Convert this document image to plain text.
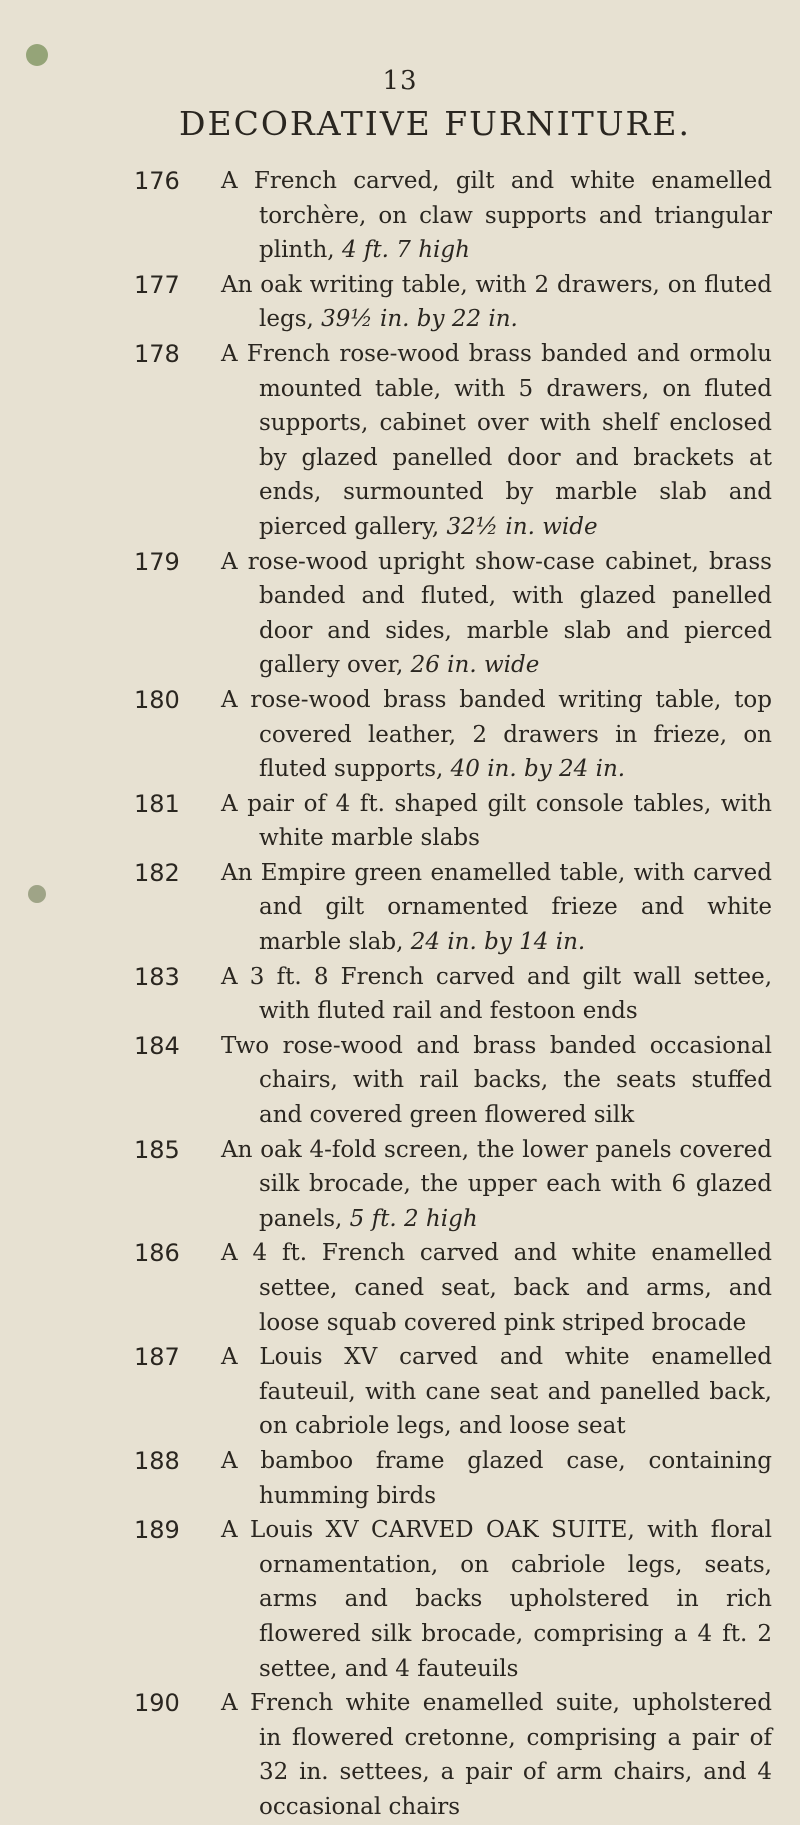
13
DECORATIVE FURNITURE.
176 A French carved, gilt and white enamelled torchère, on claw supports and triangular plinth, 4 ft. 7 high
177 An oak writing table, with 2 drawers, on fluted legs, 39½ in. by 22 in.
178 A French rose-wood brass banded and ormolu mounted table, with 5 drawers, on fluted supports, cabinet over with shelf enclosed by glazed panelled door and brackets at ends, surmounted by marble slab and pierced gallery, 32½ in. wide
179 A rose-wood upright show-case cabinet, brass banded and fluted, with glazed panelled door and sides, marble slab and pierced gallery over, 26 in. wide
180 A rose-wood brass banded writing table, top covered leather, 2 drawers in frieze, on fluted supports, 40 in. by 24 in.
181 A pair of 4 ft. shaped gilt console tables, with white marble slabs
182 An Empire green enamelled table, with carved and gilt ornamented frieze and white marble slab, 24 in. by 14 in.
183 A 3 ft. 8 French carved and gilt wall settee, with fluted rail and festoon ends
184 Two rose-wood and brass banded occasional chairs, with rail backs, the seats stuffed and covered green flowered silk
185 An oak 4-fold screen, the lower panels covered silk brocade, the upper each with 6 glazed panels, 5 ft. 2 high
186 A 4 ft. French carved and white enamelled settee, caned seat, back and arms, and loose squab covered pink striped brocade
187 A Louis XV carved and white enamelled fauteuil, with cane seat and panelled back, on cabriole legs, and loose seat
188 A bamboo frame glazed case, containing humming birds
189 A Louis XV CARVED OAK SUITE, with floral ornamentation, on cabriole legs, seats, arms and backs upholstered in rich flowered silk brocade, comprising a 4 ft. 2 settee, and 4 fauteuils
190 A French white enamelled suite, upholstered in flowered cretonne, comprising a pair of 32 in. settees, a pair of arm chairs, and 4 occasional chairs
